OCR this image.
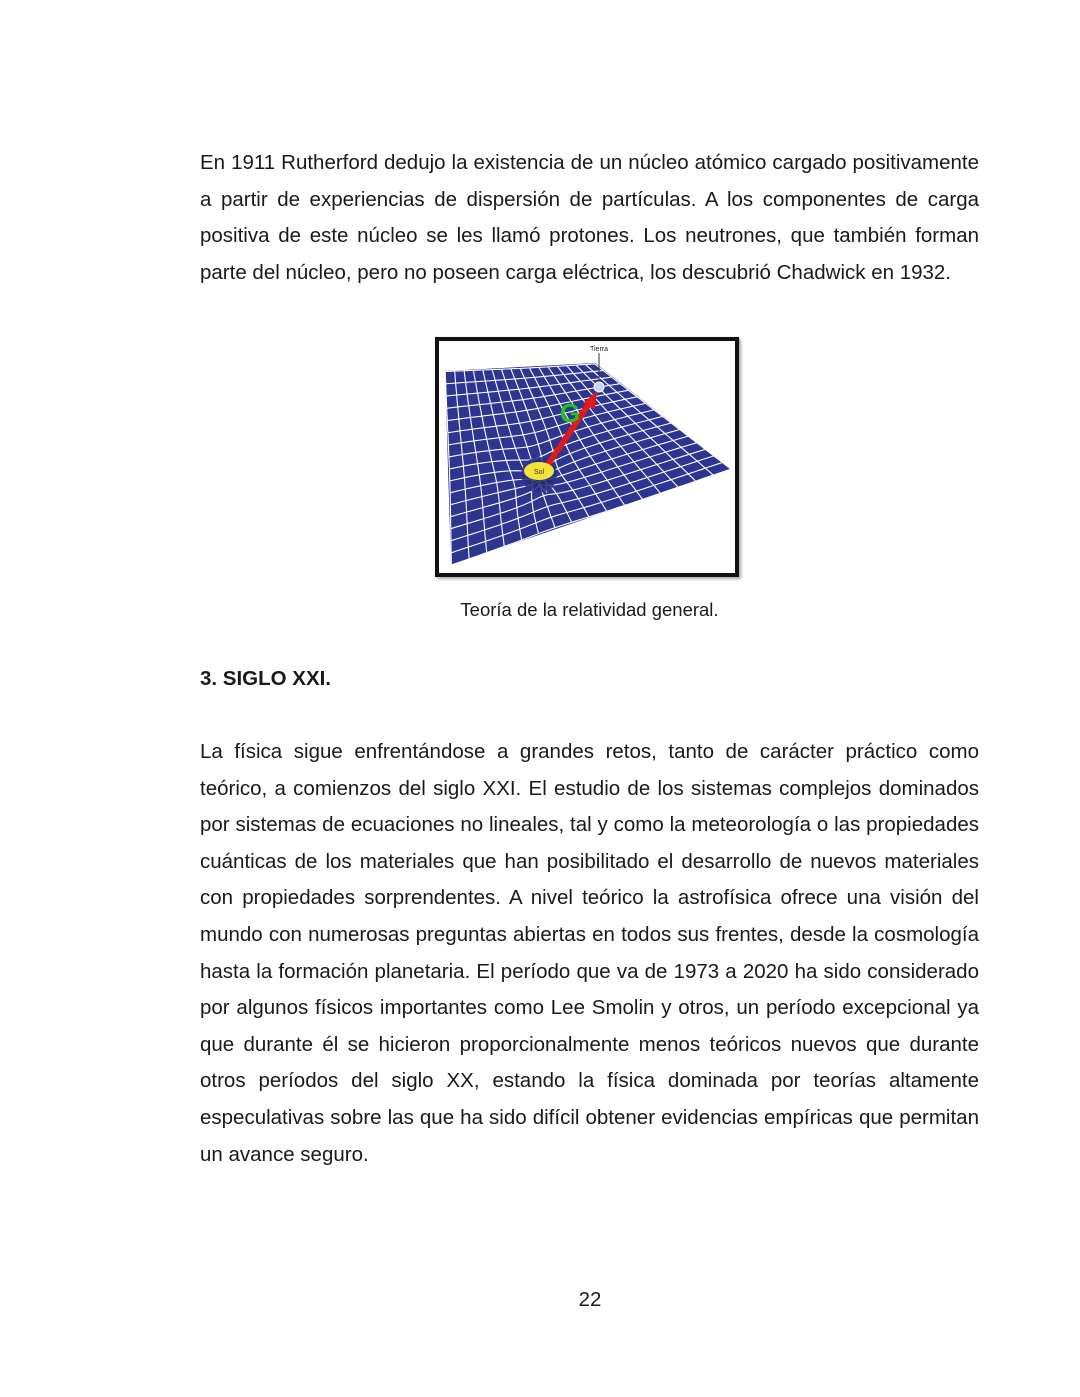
En 1911 Rutherford dedujo la existencia de un núcleo atómico cargado positivamente a partir de experiencias de dispersión de partículas. A los componentes de carga positiva de este núcleo se les llamó protones. Los neutrones, que también forman parte del núcleo, pero no poseen carga eléctrica, los descubrió Chadwick en 1932.

Tierra
G
Sol
Teoría de la relatividad general.
3. SIGLO XXI.

La física sigue enfrentándose a grandes retos, tanto de carácter práctico como teórico, a comienzos del siglo XXI. El estudio de los sistemas complejos dominados por sistemas de ecuaciones no lineales, tal y como la meteorología o las propiedades cuánticas de los materiales que han posibilitado el desarrollo de nuevos materiales con propiedades sorprendentes. A nivel teórico la astrofísica ofrece una visión del mundo con numerosas preguntas abiertas en todos sus frentes, desde la cosmología hasta la formación planetaria. El período que va de 1973 a 2020 ha sido considerado por algunos físicos importantes como Lee Smolin y otros, un período excepcional ya que durante él se hicieron proporcionalmente menos teóricos nuevos que durante otros períodos del siglo XX, estando la física dominada por teorías altamente especulativas sobre las que ha sido difícil obtener evidencias empíricas que permitan un avance seguro.

22
